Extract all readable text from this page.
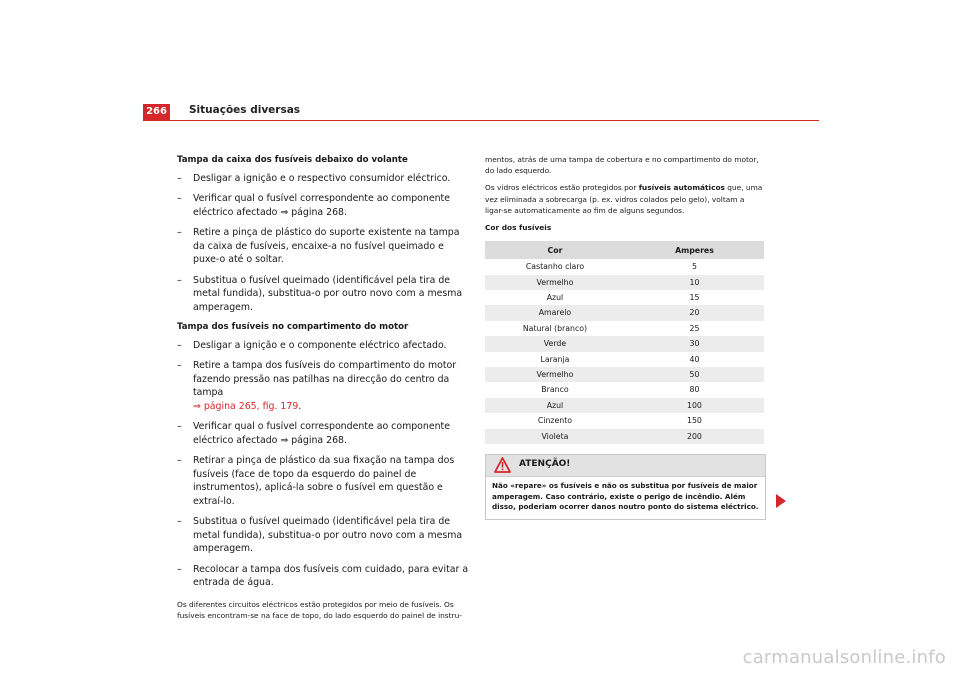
266 Situações diversas
Tampa da caixa dos fusíveis debaixo do volante
– Desligar a ignição e o respectivo consumidor eléctrico.
– Verificar qual o fusível correspondente ao componente eléctrico afectado ⇒ página 268.
– Retire a pinça de plástico do suporte existente na tampa da caixa de fusíveis, encaixe-a no fusível queimado e puxe-o até o soltar.
– Substitua o fusível queimado (identificável pela tira de metal fundida), substitua-o por outro novo com a mesma amperagem.
Tampa dos fusíveis no compartimento do motor
– Desligar a ignição e o componente eléctrico afectado.
– Retire a tampa dos fusíveis do compartimento do motor fazendo pressão nas patilhas na direcção do centro da tampa
⇒ página 265, fig. 179.
– Verificar qual o fusível correspondente ao componente eléctrico afectado ⇒ página 268.
– Retirar a pinça de plástico da sua fixação na tampa dos fusíveis (face de topo da esquerdo do painel de instrumentos), aplicá-la sobre o fusível em questão e extraí-lo.
– Substitua o fusível queimado (identificável pela tira de metal fundida), substitua-o por outro novo com a mesma amperagem.
– Recolocar a tampa dos fusíveis com cuidado, para evitar a entrada de água.
Os diferentes circuitos eléctricos estão protegidos por meio de fusíveis. Os fusíveis encontram-se na face de topo, do lado esquerdo do painel de instru-

mentos, atrás de uma tampa de cobertura e no compartimento do motor, do lado esquerdo.

Os vidros eléctricos estão protegidos por fusíveis automáticos que, uma vez eliminada a sobrecarga (p. ex. vidros colados pelo gelo), voltam a ligar-se automaticamente ao fim de alguns segundos.

Cor dos fusíveis

Cor	Amperes
Castanho claro	5
Vermelho	10
Azul	15
Amarelo	20
Natural (branco)	25
Verde	30
Laranja	40
Vermelho	50
Branco	80
Azul	100
Cinzento	150
Violeta	200
ATENÇÃO!
Não «repare» os fusíveis e não os substitua por fusíveis de maior amperagem. Caso contrário, existe o perigo de incêndio. Além disso, poderiam ocorrer danos noutro ponto do sistema eléctrico.
carmanualsonline.info
